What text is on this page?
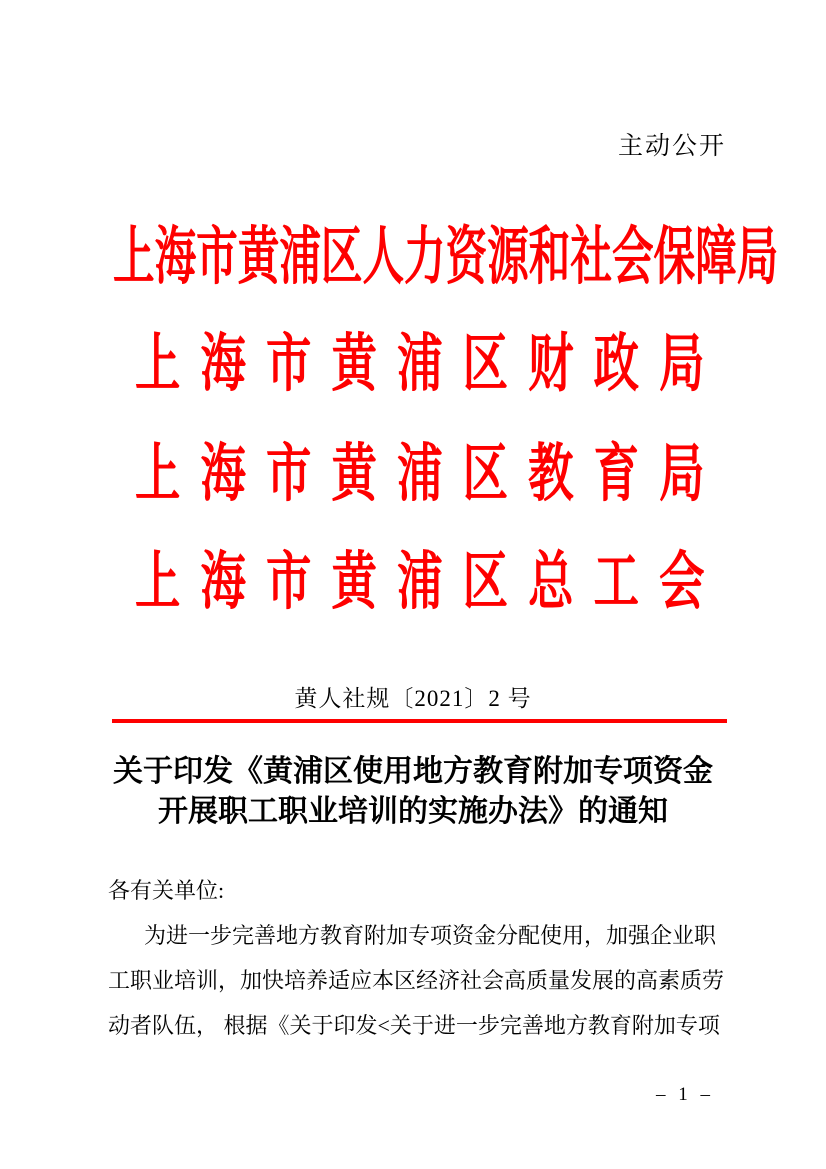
主动公开
上海市黄浦区人力资源和社会保障局
上海市黄浦区财政局
上海市黄浦区教育局
上海市黄浦区总工会
黄人社规〔2021〕2 号
关于印发《黄浦区使用地方教育附加专项资金
开展职工职业培训的实施办法》的通知
各有关单位:
为进一步完善地方教育附加专项资金分配使用，加强企业职
工职业培训，加快培养适应本区经济社会高质量发展的高素质劳
动者队伍， 根据《关于印发<关于进一步完善地方教育附加专项
– 1 –
